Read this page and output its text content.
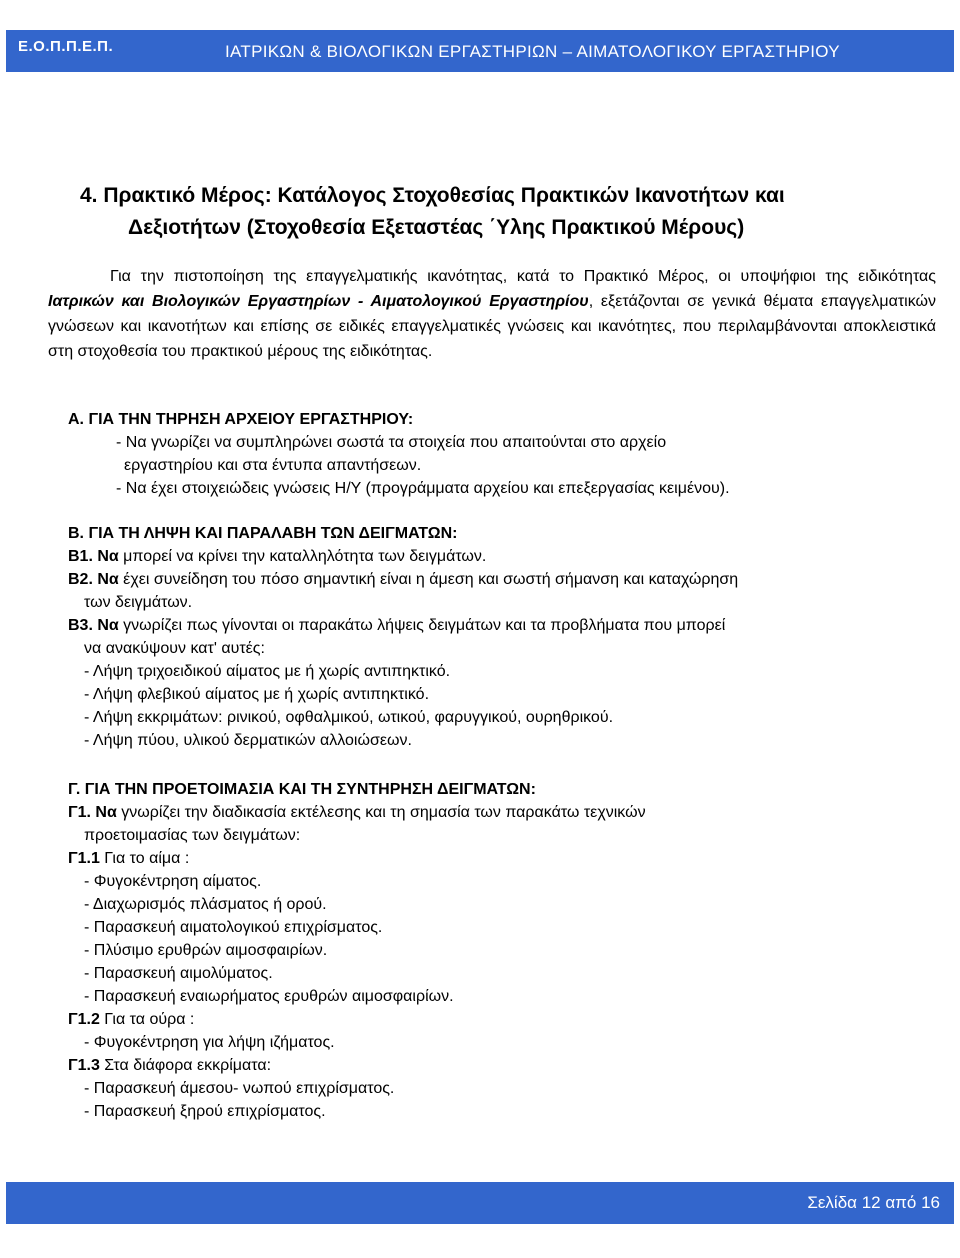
Ε.Ο.Π.Π.Ε.Π.	ΙΑΤΡΙΚΩΝ & ΒΙΟΛΟΓΙΚΩΝ ΕΡΓΑΣΤΗΡΙΩΝ – ΑΙΜΑΤΟΛΟΓΙΚΟΥ ΕΡΓΑΣΤΗΡΙΟΥ
4. Πρακτικό Μέρος: Κατάλογος Στοχοθεσίας Πρακτικών Ικανοτήτων και
Δεξιοτήτων (Στοχοθεσία Εξεταστέας ΄Υλης Πρακτικού Μέρους)
Για την πιστοποίηση της επαγγελματικής ικανότητας, κατά το Πρακτικό Μέρος, οι υποψήφιοι της ειδικότητας Ιατρικών και Βιολογικών Εργαστηρίων - Αιματολογικού Εργαστηρίου, εξετάζονται σε γενικά θέματα επαγγελματικών γνώσεων και ικανοτήτων και επίσης σε ειδικές επαγγελματικές γνώσεις και ικανότητες, που περιλαμβάνονται αποκλειστικά στη στοχοθεσία του πρακτικού μέρους της ειδικότητας.
Α. ΓΙΑ ΤΗΝ ΤΗΡΗΣΗ ΑΡΧΕΙΟΥ ΕΡΓΑΣΤΗΡΙΟΥ:
- Να γνωρίζει να συμπληρώνει σωστά τα στοιχεία που απαιτούνται στο αρχείο
εργαστηρίου και στα έντυπα απαντήσεων.
- Να έχει στοιχειώδεις γνώσεις Η/Υ (προγράμματα αρχείου και επεξεργασίας κειμένου).
Β. ΓΙΑ ΤΗ ΛΗΨΗ ΚΑΙ ΠΑΡΑΛΑΒΗ ΤΩΝ ΔΕΙΓΜΑΤΩΝ:
Β1. Να μπορεί να κρίνει την καταλληλότητα των δειγμάτων.
Β2. Να έχει συνείδηση του πόσο σημαντική είναι η άμεση και σωστή σήμανση και καταχώρηση
των δειγμάτων.
Β3. Να γνωρίζει πως γίνονται οι παρακάτω λήψεις δειγμάτων και τα προβλήματα που μπορεί
να ανακύψουν κατ' αυτές:
- Λήψη τριχοειδικού αίματος με ή χωρίς αντιπηκτικό.
- Λήψη φλεβικού αίματος με ή χωρίς αντιπηκτικό.
- Λήψη εκκριμάτων: ρινικού, οφθαλμικού, ωτικού, φαρυγγικού, ουρηθρικού.
- Λήψη πύου, υλικού δερματικών αλλοιώσεων.
Γ. ΓΙΑ ΤΗΝ ΠΡΟΕΤΟΙΜΑΣΙΑ ΚΑΙ ΤΗ ΣΥΝΤΗΡΗΣΗ ΔΕΙΓΜΑΤΩΝ:
Γ1. Να γνωρίζει την διαδικασία εκτέλεσης και τη σημασία των παρακάτω τεχνικών
προετοιμασίας των δειγμάτων:
Γ1.1 Για το αίμα :
- Φυγοκέντρηση αίματος.
- Διαχωρισμός πλάσματος ή ορού.
- Παρασκευή αιματολογικού επιχρίσματος.
- Πλύσιμο ερυθρών αιμοσφαιρίων.
- Παρασκευή αιμολύματος.
- Παρασκευή εναιωρήματος ερυθρών αιμοσφαιρίων.
Γ1.2 Για τα ούρα :
- Φυγοκέντρηση για λήψη ιζήματος.
Γ1.3 Στα διάφορα εκκρίματα:
- Παρασκευή άμεσου- νωπού επιχρίσματος.
- Παρασκευή ξηρού επιχρίσματος.
Σελίδα 12 από 16
